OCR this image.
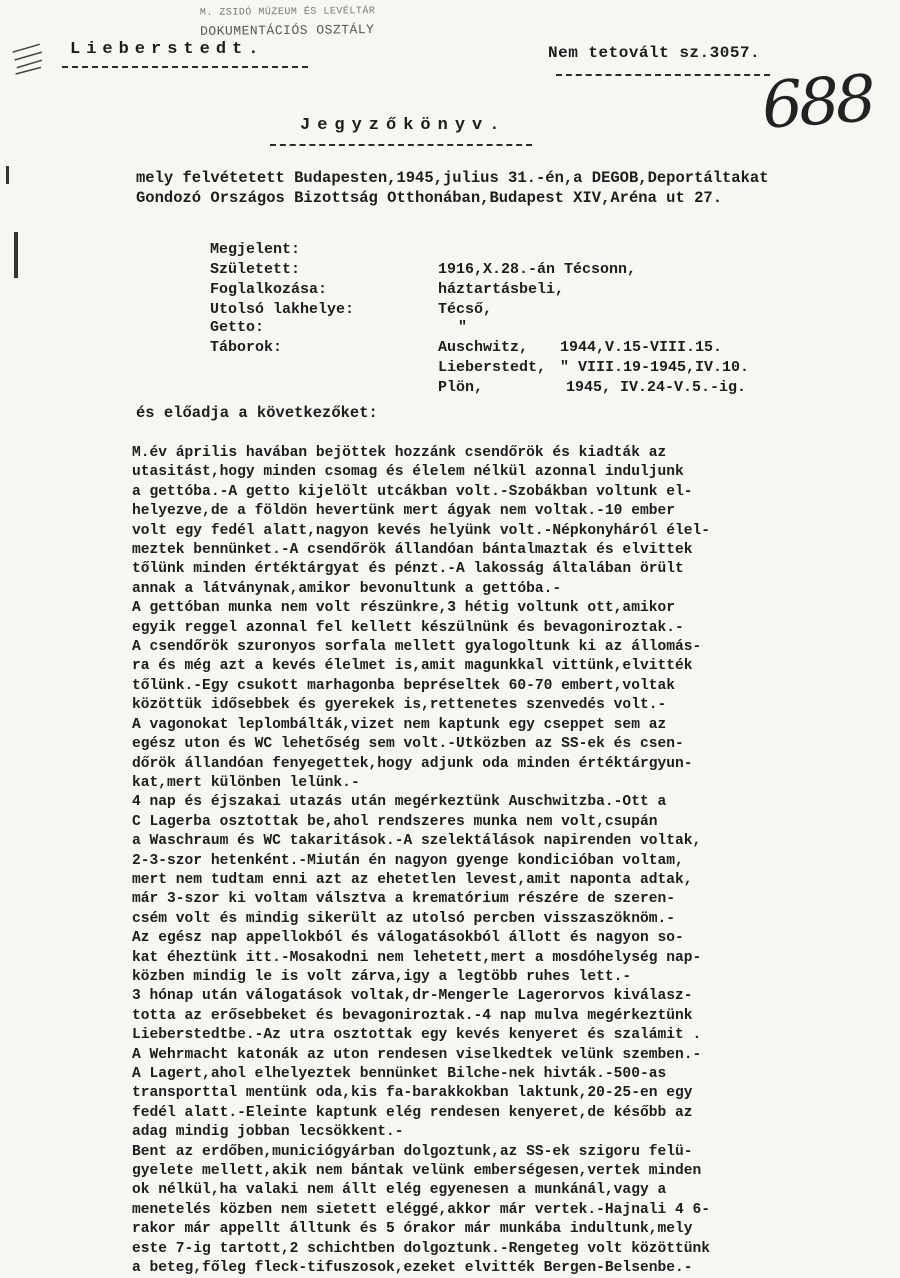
M. ZSIDÓ MÚZEUM ÉS LEVÉLTÁR
DOKUMENTÁCIÓS OSZTÁLY
Lieberstedt.	Nem tetovált sz.3057.
688
Jegyzőkönyv.

mely felvétetett Budapesten,1945,julius 31.-én,a DEGOB,Deportáltakat Gondozó Országos Bizottság Otthonában,Budapest XIV,Aréna ut 27.

Megjelent:
Született:	1916,X.28.-án Técsonn,
Foglalkozása:	háztartásbeli,
Utolsó lakhelye:	Técső,
Getto:	"
Táborok:	Auschwitz, 1944,V.15-VIII.15.
Lieberstedt, " VIII.19-1945,IV.10.
Plön,	1945, IV.24-V.5.-ig.
és előadja a következőket:
M.év április havában bejöttek hozzánk csendőrök és kiadták az
utasitást,hogy minden csomag és élelem nélkül azonnal induljunk
a gettóba.-A getto kijelölt utcákban volt.-Szobákban voltunk el-
helyezve,de a földön hevertünk mert ágyak nem voltak.-10 ember
volt egy fedél alatt,nagyon kevés helyünk volt.-Népkonyháról élel-
meztek bennünket.-A csendőrök állandóan bántalmaztak és elvittek
tőlünk minden értéktárgyat és pénzt.-A lakosság általában örült
annak a látványnak,amikor bevonultunk a gettóba.-
A gettóban munka nem volt részünkre,3 hétig voltunk ott,amikor
egyik reggel azonnal fel kellett készülnünk és bevagoniroztak.-
A csendőrök szuronyos sorfala mellett gyalogoltunk ki az állomás-
ra és még azt a kevés élelmet is,amit magunkkal vittünk,elvitték
tőlünk.-Egy csukott marhagonba bepréseltek 60-70 embert,voltak
közöttük idősebbek és gyerekek is,rettenetes szenvedés volt.-
A vagonokat leplombálták,vizet nem kaptunk egy cseppet sem az
egész uton és WC lehetőség sem volt.-Utközben az SS-ek és csen-
dőrök állandóan fenyegettek,hogy adjunk oda minden értéktárgyun-
kat,mert különben lelünk.-
4 nap és éjszakai utazás után megérkeztünk Auschwitzba.-Ott a
C Lagerba osztottak be,ahol rendszeres munka nem volt,csupán
a Waschraum és WC takaritások.-A szelektálások napirenden voltak,
2-3-szor hetenként.-Miután én nagyon gyenge kondicióban voltam,
mert nem tudtam enni azt az ehetetlen levest,amit naponta adtak,
már 3-szor ki voltam válsztva a krematórium részére de szeren-
csém volt és mindig sikerült az utolsó percben visszaszöknöm.-
Az egész nap appellokból és válogatásokból állott és nagyon so-
kat éheztünk itt.-Mosakodni nem lehetett,mert a mosdóhelység nap-
közben mindig le is volt zárva,igy a legtöbb ruhes lett.-
3 hónap után válogatások voltak,dr-Mengerle Lagerorvos kiválasz-
totta az erősebbeket és bevagoniroztak.-4 nap mulva megérkeztünk
Lieberstedtbe.-Az utra osztottak egy kevés kenyeret és szalámit .
A Wehrmacht katonák az uton rendesen viselkedtek velünk szemben.-
A Lagert,ahol elhelyeztek bennünket Bilche-nek hivták.-500-as
transporttal mentünk oda,kis fa-barakkokban laktunk,20-25-en egy
fedél alatt.-Eleinte kaptunk elég rendesen kenyeret,de később az
adag mindig jobban lecsökkent.-
Bent az erdőben,municiógyárban dolgoztunk,az SS-ek szigoru felü-
gyelete mellett,akik nem bántak velünk emberségesen,vertek minden
ok nélkül,ha valaki nem állt elég egyenesen a munkánál,vagy a
menetelés közben nem sietett eléggé,akkor már vertek.-Hajnali 4 6-
rakor már appellt álltunk és 5 órakor már munkába indultunk,mely
este 7-ig tartott,2 schichtben dolgoztunk.-Rengeteg volt közöttünk
a beteg,főleg fleck-tifuszosok,ezeket elvitték Bergen-Belsenbe.-
